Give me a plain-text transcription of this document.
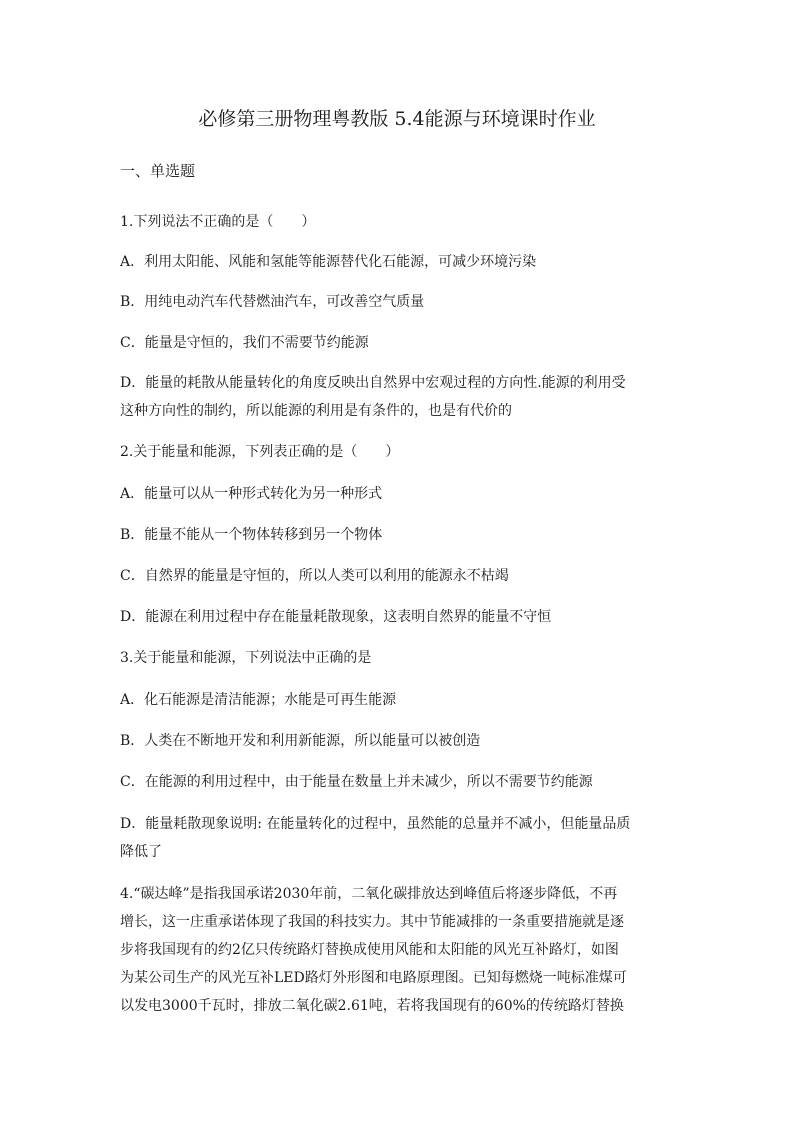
必修第三册物理粤教版 5.4能源与环境课时作业
一、单选题
1.下列说法不正确的是（　　）
A．利用太阳能、风能和氢能等能源替代化石能源，可减少环境污染
B．用纯电动汽车代替燃油汽车，可改善空气质量
C．能量是守恒的，我们不需要节约能源
D．能量的耗散从能量转化的角度反映出自然界中宏观过程的方向性.能源的利用受
这种方向性的制约，所以能源的利用是有条件的，也是有代价的
2.关于能量和能源，下列表正确的是（　　）
A．能量可以从一种形式转化为另一种形式
B．能量不能从一个物体转移到另一个物体
C．自然界的能量是守恒的，所以人类可以利用的能源永不枯竭
D．能源在利用过程中存在能量耗散现象，这表明自然界的能量不守恒
3.关于能量和能源，下列说法中正确的是
A．化石能源是清洁能源；水能是可再生能源
B．人类在不断地开发和利用新能源，所以能量可以被创造
C．在能源的利用过程中，由于能量在数量上并未减少，所以不需要节约能源
D．能量耗散现象说明: 在能量转化的过程中，虽然能的总量并不减小，但能量品质
降低了
4.“碳达峰”是指我国承诺2030年前，二氧化碳排放达到峰值后将逐步降低，不再
增长，这一庄重承诺体现了我国的科技实力。其中节能减排的一条重要措施就是逐
步将我国现有的约2亿只传统路灯替换成使用风能和太阳能的风光互补路灯，如图
为某公司生产的风光互补LED路灯外形图和电路原理图。已知每燃烧一吨标准煤可
以发电3000千瓦时，排放二氧化碳2.61吨，若将我国现有的60%的传统路灯替换
